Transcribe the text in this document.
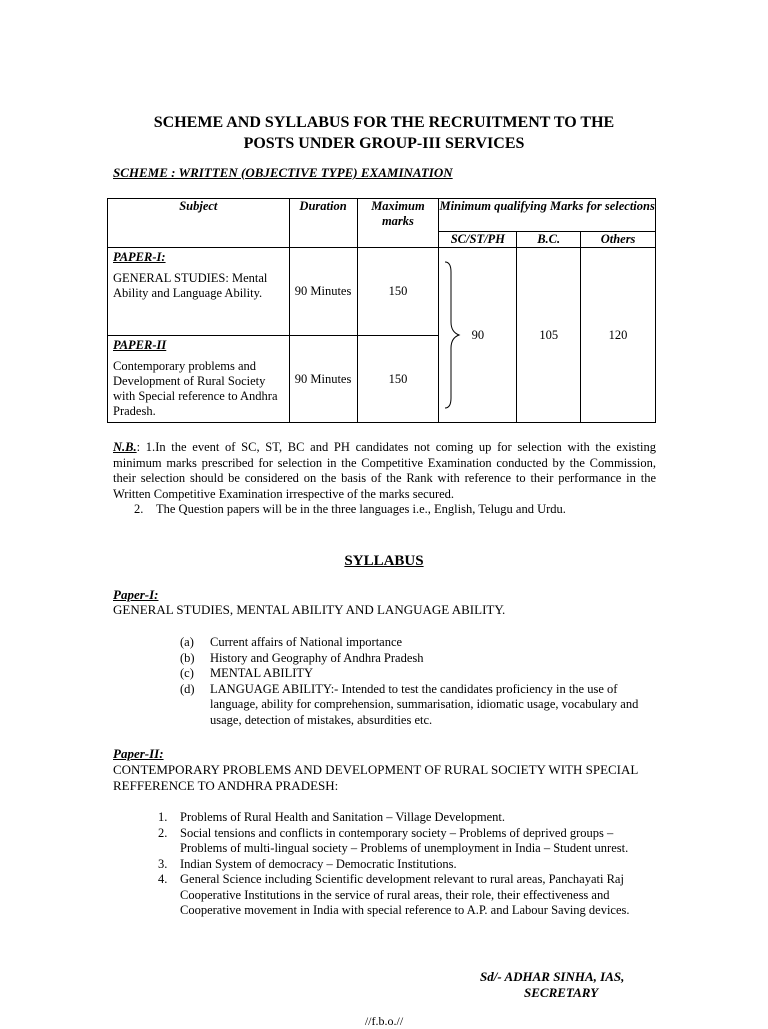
SCHEME AND SYLLABUS FOR THE RECRUITMENT TO THE
POSTS UNDER GROUP-III SERVICES
SCHEME : WRITTEN (OBJECTIVE TYPE) EXAMINATION
Subject	Duration	Maximum marks	Minimum qualifying Marks for selections		
			SC/ST/PH	B.C.	Others

PAPER-I:
GENERAL STUDIES: Mental Ability and Language Ability.	90 Minutes	150	90	105	120

PAPER-II
Contemporary problems and Development of Rural Society with Special reference to Andhra Pradesh.	90 Minutes	150			
N.B.: 1.In the event of SC, ST, BC and PH candidates not coming up for selection with the existing minimum marks prescribed for selection in the Competitive Examination conducted by the Commission, their selection should be considered on the basis of the Rank with reference to their performance in the Written Competitive Examination irrespective of the marks secured.
2.	The Question papers will be in the three languages i.e., English, Telugu and Urdu.
SYLLABUS
Paper-I:
GENERAL STUDIES, MENTAL ABILITY AND LANGUAGE ABILITY.
(a)	Current affairs of National importance
(b)	History and Geography of Andhra Pradesh
(c)	MENTAL ABILITY
(d)	LANGUAGE ABILITY:- Intended to test the candidates proficiency in the use of language, ability for comprehension, summarisation, idiomatic usage, vocabulary and usage, detection of mistakes, absurdities etc.
Paper-II:
CONTEMPORARY PROBLEMS AND DEVELOPMENT OF RURAL SOCIETY WITH SPECIAL REFFERENCE TO ANDHRA PRADESH:
1.	Problems of Rural Health and Sanitation – Village Development.
2.	Social tensions and conflicts in contemporary society – Problems of deprived groups – Problems of multi-lingual society – Problems of unemployment in India – Student unrest.
3.	Indian System of democracy – Democratic Institutions.
4.	General Science including Scientific development relevant to rural areas, Panchayati Raj Cooperative Institutions in the service of rural areas, their role, their effectiveness and Cooperative movement in India with special reference to A.P. and Labour Saving devices.
Sd/- ADHAR SINHA, IAS,
SECRETARY
//f.b.o.//
